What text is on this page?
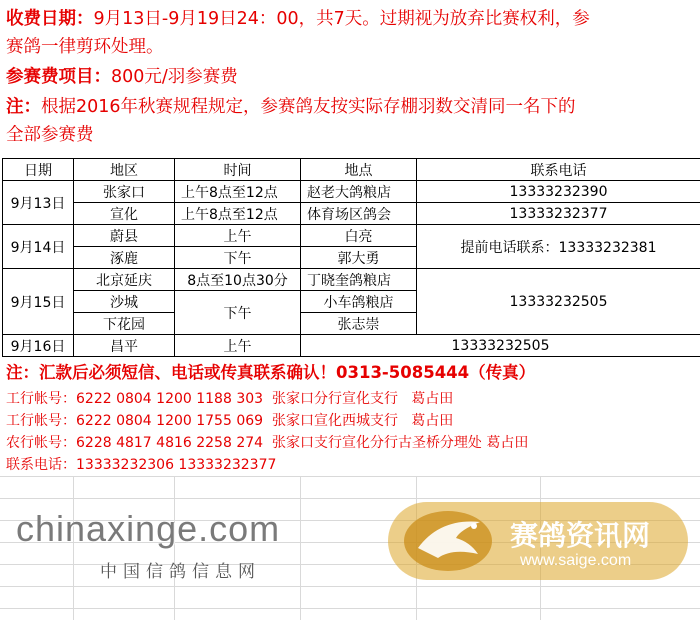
收费日期：9月13日-9月19日24：00，共7天。过期视为放弃比赛权利，参
赛鸽一律剪环处理。
参赛费项目：800元/羽参赛费
注：根据2016年秋赛规程规定，参赛鸽友按实际存棚羽数交清同一名下的
全部参赛费
日期	地区	时间	地点	联系电话
9月13日	张家口	上午8点至12点	赵老大鸽粮店	13333232390
	宣化	上午8点至12点	体育场区鸽会	13333232377
9月14日	蔚县	上午	白亮	提前电话联系：13333232381
	涿鹿	下午	郭大勇	
9月15日	北京延庆	8点至10点30分	丁晓奎鸽粮店	13333232505
	沙城	下午	小车鸽粮店	
	下花园		张志崇	
9月16日	昌平	上午	13333232505	
注：汇款后必须短信、电话或传真联系确认！0313-5085444（传真）
工行帐号：6222 0804 1200 1188 303  张家口分行宣化支行   葛占田
工行帐号：6222 0804 1200 1755 069  张家口宣化西城支行   葛占田
农行帐号：6228 4817 4816 2258 274  张家口支行宣化分行古圣桥分理处 葛占田
联系电话：13333232306 13333232377
chinaxinge.com
中国信鸽信息网
赛鸽资讯网
www.saige.com
